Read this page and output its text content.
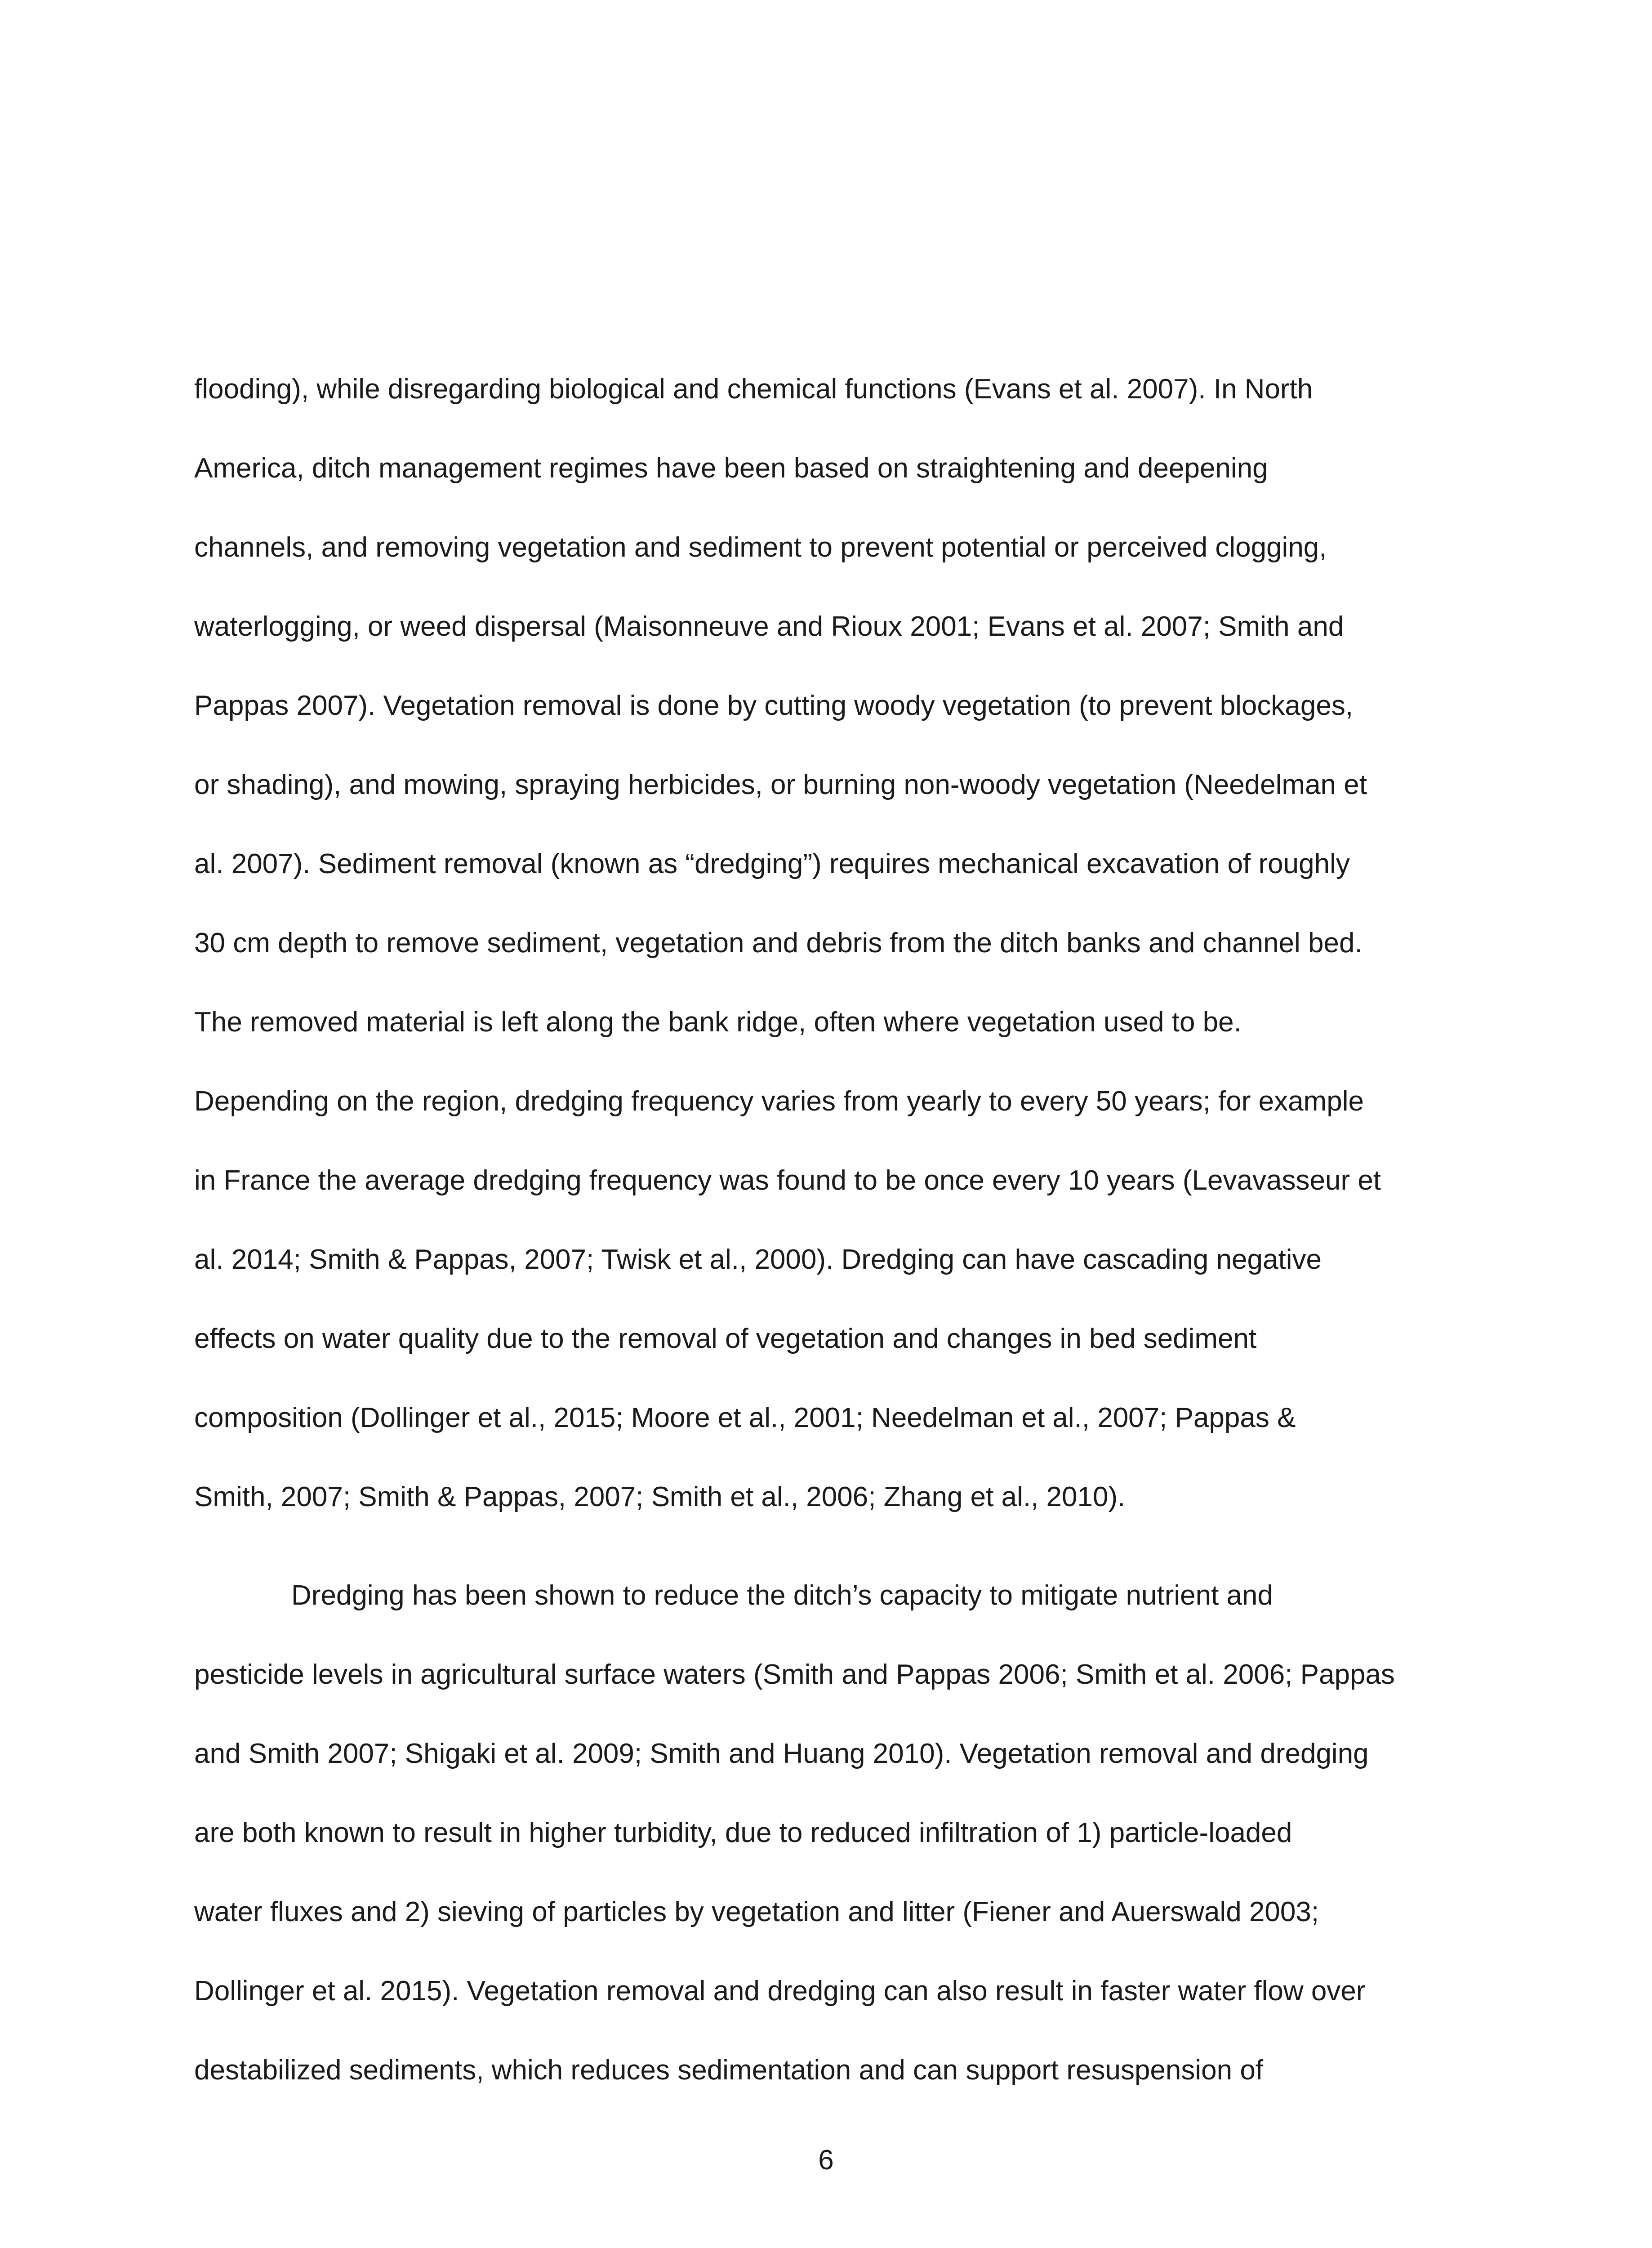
flooding), while disregarding biological and chemical functions (Evans et al. 2007). In North
America, ditch management regimes have been based on straightening and deepening
channels, and removing vegetation and sediment to prevent potential or perceived clogging,
waterlogging, or weed dispersal (Maisonneuve and Rioux 2001; Evans et al. 2007; Smith and
Pappas 2007). Vegetation removal is done by cutting woody vegetation (to prevent blockages,
or shading), and mowing, spraying herbicides, or burning non-woody vegetation (Needelman et
al. 2007). Sediment removal (known as “dredging”) requires mechanical excavation of roughly
30 cm depth to remove sediment, vegetation and debris from the ditch banks and channel bed.
The removed material is left along the bank ridge, often where vegetation used to be.
Depending on the region, dredging frequency varies from yearly to every 50 years; for example
in France the average dredging frequency was found to be once every 10 years (Levavasseur et
al. 2014; Smith & Pappas, 2007; Twisk et al., 2000). Dredging can have cascading negative
effects on water quality due to the removal of vegetation and changes in bed sediment
composition (Dollinger et al., 2015; Moore et al., 2001; Needelman et al., 2007; Pappas &
Smith, 2007; Smith & Pappas, 2007; Smith et al., 2006; Zhang et al., 2010).
Dredging has been shown to reduce the ditch’s capacity to mitigate nutrient and
pesticide levels in agricultural surface waters (Smith and Pappas 2006; Smith et al. 2006; Pappas
and Smith 2007; Shigaki et al. 2009; Smith and Huang 2010). Vegetation removal and dredging
are both known to result in higher turbidity, due to reduced infiltration of 1) particle-loaded
water fluxes and 2) sieving of particles by vegetation and litter (Fiener and Auerswald 2003;
Dollinger et al. 2015). Vegetation removal and dredging can also result in faster water flow over
destabilized sediments, which reduces sedimentation and can support resuspension of
6
